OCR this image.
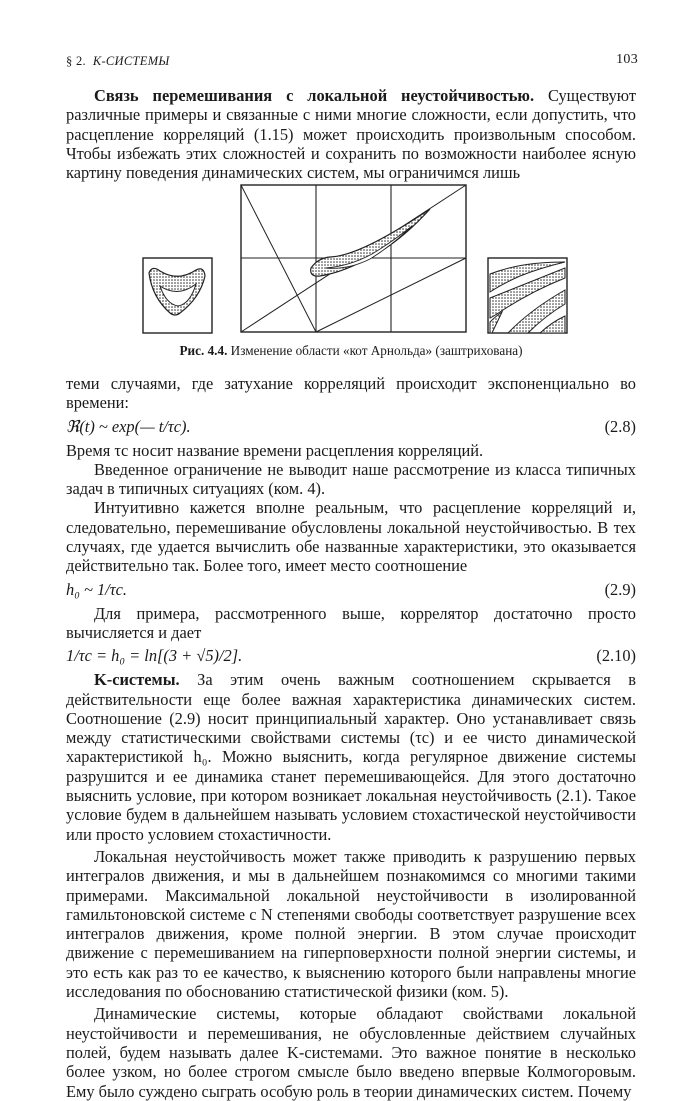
§ 2. K-СИСТЕМЫ	103

Связь перемешивания с локальной неустойчивостью. Существуют различные примеры и связанные с ними многие сложности, если допустить, что расцепление корреляций (1.15) может происходить произвольным способом. Чтобы избежать этих сложностей и сохранить по возможности наиболее ясную картину поведения динамических систем, мы ограничимся лишь

Рис. 4.4. Изменение области «кот Арнольда» (заштрихована)

теми случаями, где затухание корреляций происходит экспоненциально во времени:

ℜ(t) ~ exp(— t/τc).	(2.8)

Время τc носит название времени расцепления корреляций.

Введенное ограничение не выводит наше рассмотрение из класса типичных задач в типичных ситуациях (ком. 4).

Интуитивно кажется вполне реальным, что расцепление корреляций и, следовательно, перемешивание обусловлены локальной неустойчивостью. В тех случаях, где удается вычислить обе названные характеристики, это оказывается действительно так. Более того, имеет место соотношение

h₀ ~ 1/τc.	(2.9)

Для примера, рассмотренного выше, коррелятор достаточно просто вычисляется и дает

1/τc = h₀ = ln[(3 + √5)/2].	(2.10)

K-системы. За этим очень важным соотношением скрывается в действительности еще более важная характеристика динамических систем. Соотношение (2.9) носит принципиальный характер. Оно устанавливает связь между статистическими свойствами системы (τc) и ее чисто динамической характеристикой h₀. Можно выяснить, когда регулярное движение системы разрушится и ее динамика станет перемешивающейся. Для этого достаточно выяснить условие, при котором возникает локальная неустойчивость (2.1). Такое условие будем в дальнейшем называть условием стохастической неустойчивости или просто условием стохастичности.

Локальная неустойчивость может также приводить к разрушению первых интегралов движения, и мы в дальнейшем познакомимся со многими такими примерами. Максимальной локальной неустойчивости в изолированной гамильтоновской системе с N степенями свободы соответствует разрушение всех интегралов движения, кроме полной энергии. В этом случае происходит движение с перемешиванием на гиперповерхности полной энергии системы, и это есть как раз то ее качество, к выяснению которого были направлены многие исследования по обоснованию статистической физики (ком. 5).

Динамические системы, которые обладают свойствами локальной неустойчивости и перемешивания, не обусловленные действием случайных полей, будем называть далее K-системами. Это важное понятие в несколько более узком, но более строгом смысле было введено впервые Колмогоровым. Ему было суждено сыграть особую роль в теории динамических систем. Почему
